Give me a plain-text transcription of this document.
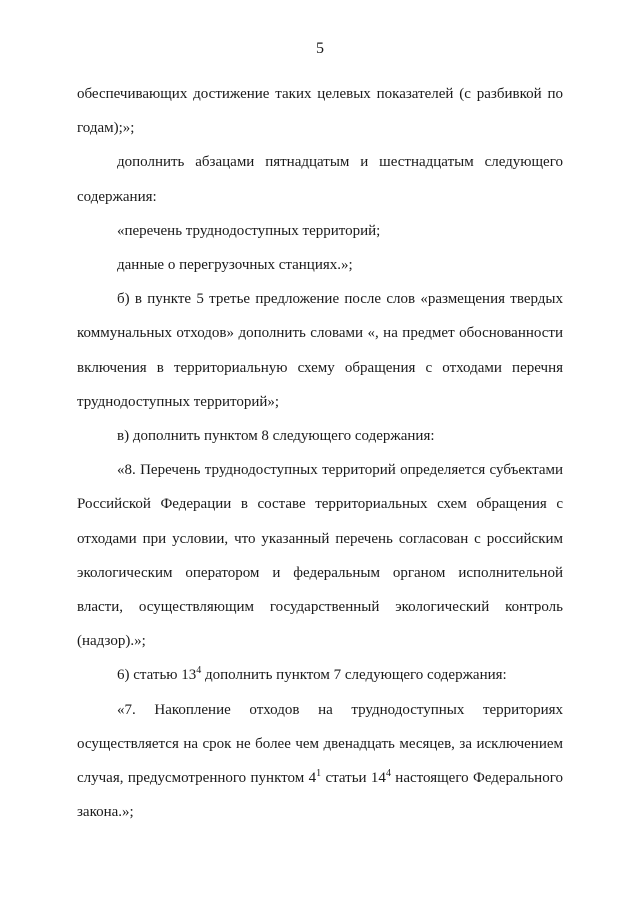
5

обеспечивающих достижение таких целевых показателей (с разбивкой по годам);»;

дополнить абзацами пятнадцатым и шестнадцатым следующего содержания:

«перечень труднодоступных территорий;

данные о перегрузочных станциях.»;

б) в пункте 5 третье предложение после слов «размещения твердых коммунальных отходов» дополнить словами «, на предмет обоснованности включения в территориальную схему обращения с отходами перечня труднодоступных территорий»;

в) дополнить пунктом 8 следующего содержания:

«8. Перечень труднодоступных территорий определяется субъектами Российской Федерации в составе территориальных схем обращения с отходами при условии, что указанный перечень согласован с российским экологическим оператором и федеральным органом исполнительной власти, осуществляющим государственный экологический контроль (надзор).»;

6) статью $13^4$ дополнить пунктом 7 следующего содержания:

«7. Накопление отходов на труднодоступных территориях

осуществляется на срок не более чем двенадцать месяцев, за исключением случая, предусмотренного пунктом $4^1$ статьи $14^4$ настоящего Федерального закона.»;
